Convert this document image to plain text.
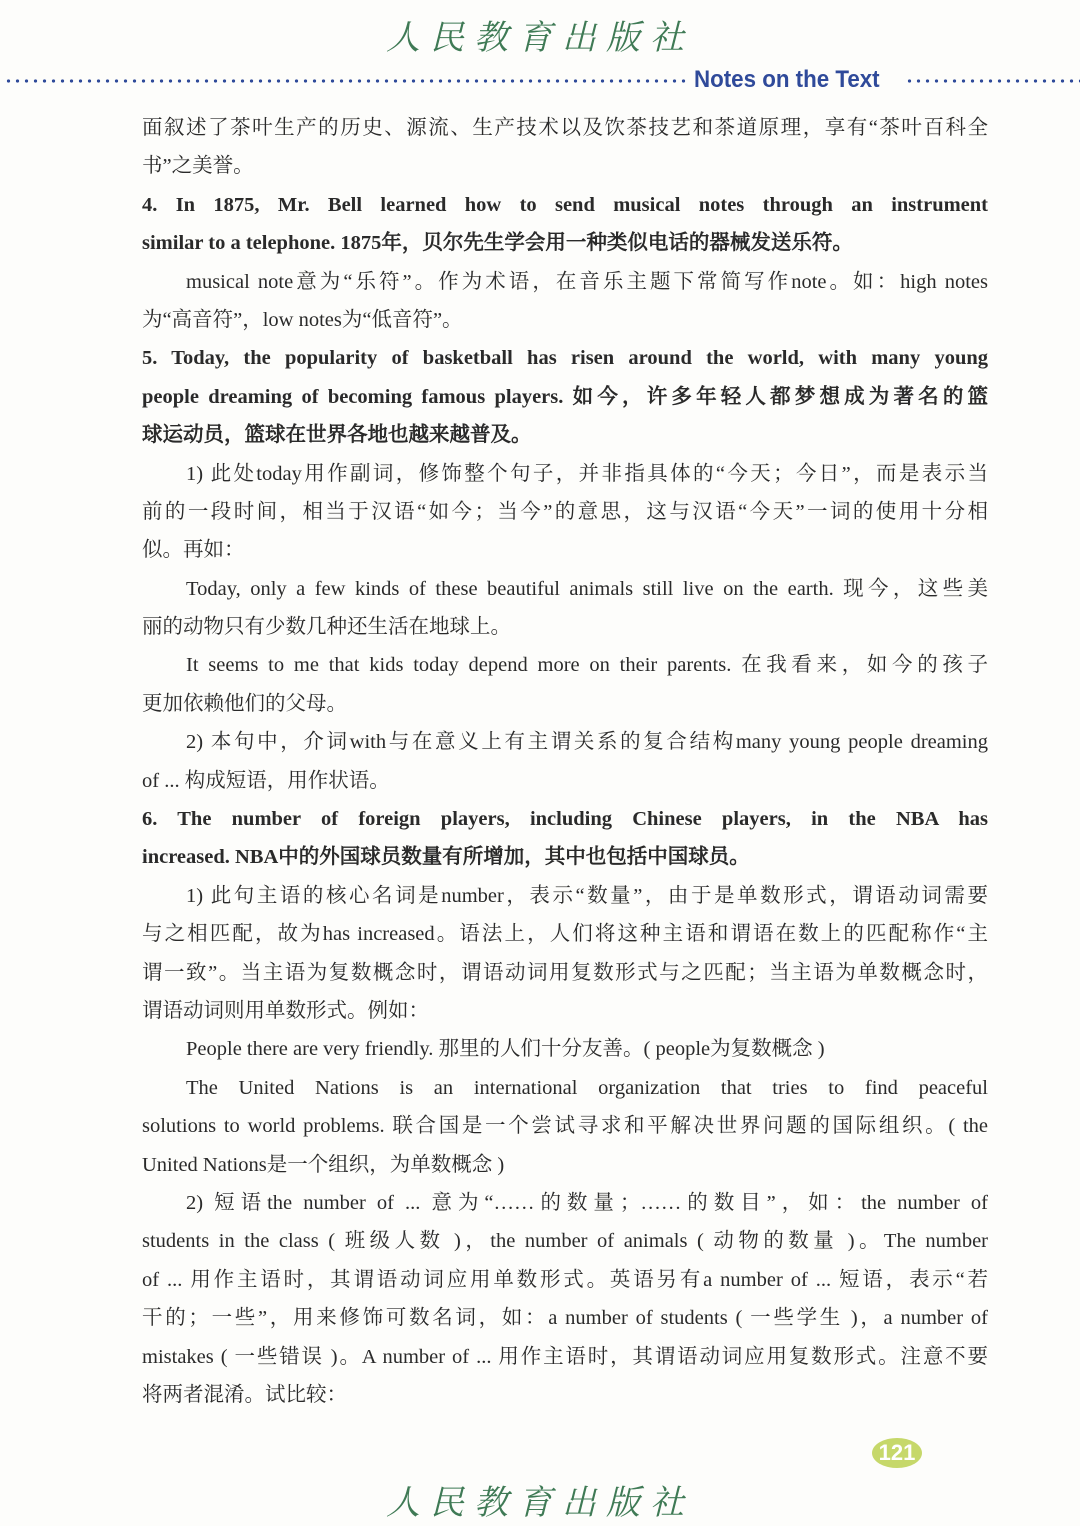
人民教育出版社
Notes on the Text
面叙述了茶叶生产的历史、源流、生产技术以及饮茶技艺和茶道原理，享有“茶叶百科全
书”之美誉。
4. In 1875, Mr. Bell learned how to send musical notes through an instrument
similar to a telephone. 1875年，贝尔先生学会用一种类似电话的器械发送乐符。
musical note意为“乐符”。作为术语，在音乐主题下常简写作note。如：high notes
为“高音符”，low notes为“低音符”。
5. Today, the popularity of basketball has risen around the world, with many young
people dreaming of becoming famous players. 如今，许多年轻人都梦想成为著名的篮
球运动员，篮球在世界各地也越来越普及。
1) 此处today用作副词，修饰整个句子，并非指具体的“今天；今日”，而是表示当
前的一段时间，相当于汉语“如今；当今”的意思，这与汉语“今天”一词的使用十分相
似。再如：
Today, only a few kinds of these beautiful animals still live on the earth. 现今，这些美
丽的动物只有少数几种还生活在地球上。
It seems to me that kids today depend more on their parents. 在我看来，如今的孩子
更加依赖他们的父母。
2) 本句中，介词with与在意义上有主谓关系的复合结构many young people dreaming
of ... 构成短语，用作状语。
6. The number of foreign players, including Chinese players, in the NBA has
increased. NBA中的外国球员数量有所增加，其中也包括中国球员。
1) 此句主语的核心名词是number，表示“数量”，由于是单数形式，谓语动词需要
与之相匹配，故为has increased。语法上，人们将这种主语和谓语在数上的匹配称作“主
谓一致”。当主语为复数概念时，谓语动词用复数形式与之匹配；当主语为单数概念时，
谓语动词则用单数形式。例如：
People there are very friendly. 那里的人们十分友善。( people为复数概念 )
The United Nations is an international organization that tries to find peaceful
solutions to world problems. 联合国是一个尝试寻求和平解决世界问题的国际组织。( the
United Nations是一个组织，为单数概念 )
2) 短语the number of ... 意为“……的数量；……的数目”，如：the number of
students in the class ( 班级人数 )，the number of animals ( 动物的数量 )。The number
of ... 用作主语时，其谓语动词应用单数形式。英语另有a number of ... 短语，表示“若
干的；一些”，用来修饰可数名词，如：a number of students ( 一些学生 )，a number of
mistakes ( 一些错误 )。A number of ... 用作主语时，其谓语动词应用复数形式。注意不要
将两者混淆。试比较：
121
人民教育出版社
